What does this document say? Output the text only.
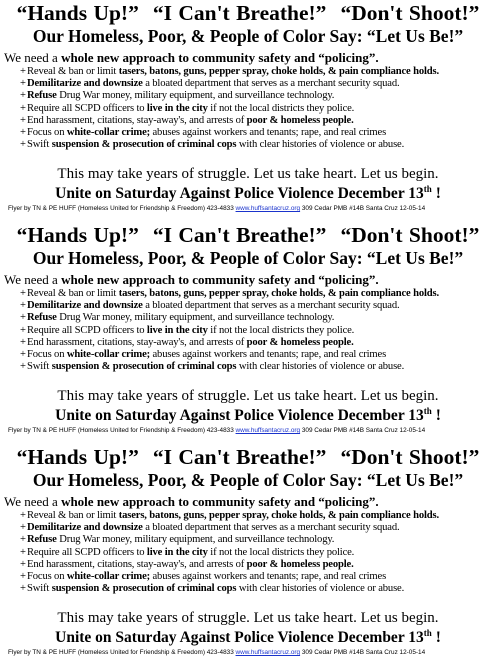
“Hands Up!” “I Can't Breathe!” “Don't Shoot!”
Our Homeless, Poor, & People of Color Say: “Let Us Be!”
We need a whole new approach to community safety and “policing”.
+Reveal & ban or limit tasers, batons, guns, pepper spray, choke holds, & pain compliance holds.
+Demilitarize and downsize a bloated department that serves as a merchant security squad.
+Refuse Drug War money, military equipment, and surveillance technology.
+Require all SCPD officers to live in the city if not the local districts they police.
+End harassment, citations, stay-away's, and arrests of poor & homeless people.
+Focus on white-collar crime; abuses against workers and tenants; rape, and real crimes
+Swift suspension & prosecution of criminal cops with clear histories of violence or abuse.
This may take years of struggle. Let us take heart. Let us begin.
Unite on Saturday Against Police Violence December 13th !
Flyer by TN & PE HUFF (Homeless United for Friendship & Freedom) 423-4833 www.huffsantacruz.org 309 Cedar PMB #14B Santa Cruz 12-05-14
“Hands Up!” “I Can't Breathe!” “Don't Shoot!”
Our Homeless, Poor, & People of Color Say: “Let Us Be!”
We need a whole new approach to community safety and “policing”.
+Reveal & ban or limit tasers, batons, guns, pepper spray, choke holds, & pain compliance holds.
+Demilitarize and downsize a bloated department that serves as a merchant security squad.
+Refuse Drug War money, military equipment, and surveillance technology.
+Require all SCPD officers to live in the city if not the local districts they police.
+End harassment, citations, stay-away's, and arrests of poor & homeless people.
+Focus on white-collar crime; abuses against workers and tenants; rape, and real crimes
+Swift suspension & prosecution of criminal cops with clear histories of violence or abuse.
This may take years of struggle. Let us take heart. Let us begin.
Unite on Saturday Against Police Violence December 13th !
Flyer by TN & PE HUFF (Homeless United for Friendship & Freedom) 423-4833 www.huffsantacruz.org 309 Cedar PMB #14B Santa Cruz 12-05-14
“Hands Up!” “I Can't Breathe!” “Don't Shoot!”
Our Homeless, Poor, & People of Color Say: “Let Us Be!”
We need a whole new approach to community safety and “policing”.
+Reveal & ban or limit tasers, batons, guns, pepper spray, choke holds, & pain compliance holds.
+Demilitarize and downsize a bloated department that serves as a merchant security squad.
+Refuse Drug War money, military equipment, and surveillance technology.
+Require all SCPD officers to live in the city if not the local districts they police.
+End harassment, citations, stay-away's, and arrests of poor & homeless people.
+Focus on white-collar crime; abuses against workers and tenants; rape, and real crimes
+Swift suspension & prosecution of criminal cops with clear histories of violence or abuse.
This may take years of struggle. Let us take heart. Let us begin.
Unite on Saturday Against Police Violence December 13th !
Flyer by TN & PE HUFF (Homeless United for Friendship & Freedom) 423-4833 www.huffsantacruz.org 309 Cedar PMB #14B Santa Cruz 12-05-14
